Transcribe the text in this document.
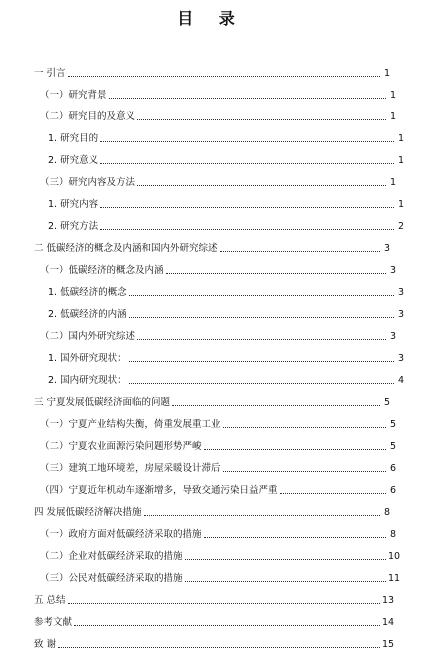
目 录
一 引言	1
（一）研究背景	1
（二）研究目的及意义	1
1. 研究目的	1
2. 研究意义	1
（三）研究内容及方法	1
1. 研究内容	1
2. 研究方法	2
二 低碳经济的概念及内涵和国内外研究综述	3
（一）低碳经济的概念及内涵	3
1. 低碳经济的概念	3
2. 低碳经济的内涵	3
（二）国内外研究综述	3
1. 国外研究现状：	3
2. 国内研究现状：	4
三 宁夏发展低碳经济面临的问题	5
（一）宁夏产业结构失衡，倚重发展重工业	5
（二）宁夏农业面源污染问题形势严峻	5
（三）建筑工地环境差，房屋采暖设计滞后	6
（四）宁夏近年机动车逐渐增多，导致交通污染日益严重	6
四 发展低碳经济解决措施	8
（一）政府方面对低碳经济采取的措施	8
（二）企业对低碳经济采取的措施	10
（三）公民对低碳经济采取的措施	11
五 总结	13
参考文献	14
致 谢	15
